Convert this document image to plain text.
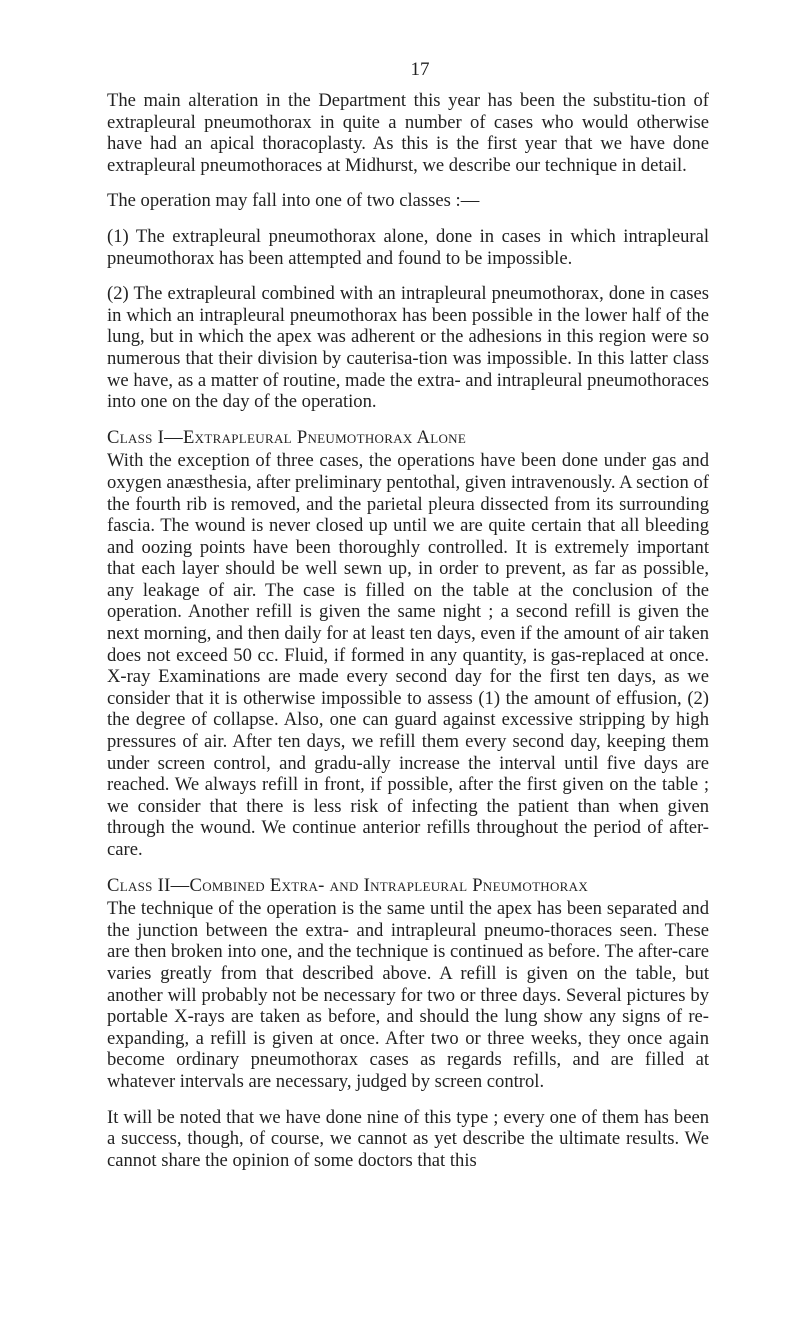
17

The main alteration in the Department this year has been the substitu-tion of extrapleural pneumothorax in quite a number of cases who would otherwise have had an apical thoracoplasty. As this is the first year that we have done extrapleural pneumothoraces at Midhurst, we describe our technique in detail.

The operation may fall into one of two classes :—

(1) The extrapleural pneumothorax alone, done in cases in which intrapleural pneumothorax has been attempted and found to be impossible.

(2) The extrapleural combined with an intrapleural pneumothorax, done in cases in which an intrapleural pneumothorax has been possible in the lower half of the lung, but in which the apex was adherent or the adhesions in this region were so numerous that their division by cauterisa-tion was impossible. In this latter class we have, as a matter of routine, made the extra- and intrapleural pneumothoraces into one on the day of the operation.

Class I—Extrapleural Pneumothorax Alone

With the exception of three cases, the operations have been done under gas and oxygen anæsthesia, after preliminary pentothal, given intravenously. A section of the fourth rib is removed, and the parietal pleura dissected from its surrounding fascia. The wound is never closed up until we are quite certain that all bleeding and oozing points have been thoroughly controlled. It is extremely important that each layer should be well sewn up, in order to prevent, as far as possible, any leakage of air. The case is filled on the table at the conclusion of the operation. Another refill is given the same night ; a second refill is given the next morning, and then daily for at least ten days, even if the amount of air taken does not exceed 50 cc. Fluid, if formed in any quantity, is gas-replaced at once. X-ray Examinations are made every second day for the first ten days, as we consider that it is otherwise impossible to assess (1) the amount of effusion, (2) the degree of collapse. Also, one can guard against excessive stripping by high pressures of air. After ten days, we refill them every second day, keeping them under screen control, and gradu-ally increase the interval until five days are reached. We always refill in front, if possible, after the first given on the table ; we consider that there is less risk of infecting the patient than when given through the wound. We continue anterior refills throughout the period of after-care.

Class II—Combined Extra- and Intrapleural Pneumothorax

The technique of the operation is the same until the apex has been separated and the junction between the extra- and intrapleural pneumo-thoraces seen. These are then broken into one, and the technique is continued as before. The after-care varies greatly from that described above. A refill is given on the table, but another will probably not be necessary for two or three days. Several pictures by portable X-rays are taken as before, and should the lung show any signs of re-expanding, a refill is given at once. After two or three weeks, they once again become ordinary pneumothorax cases as regards refills, and are filled at whatever intervals are necessary, judged by screen control.

It will be noted that we have done nine of this type ; every one of them has been a success, though, of course, we cannot as yet describe the ultimate results. We cannot share the opinion of some doctors that this
